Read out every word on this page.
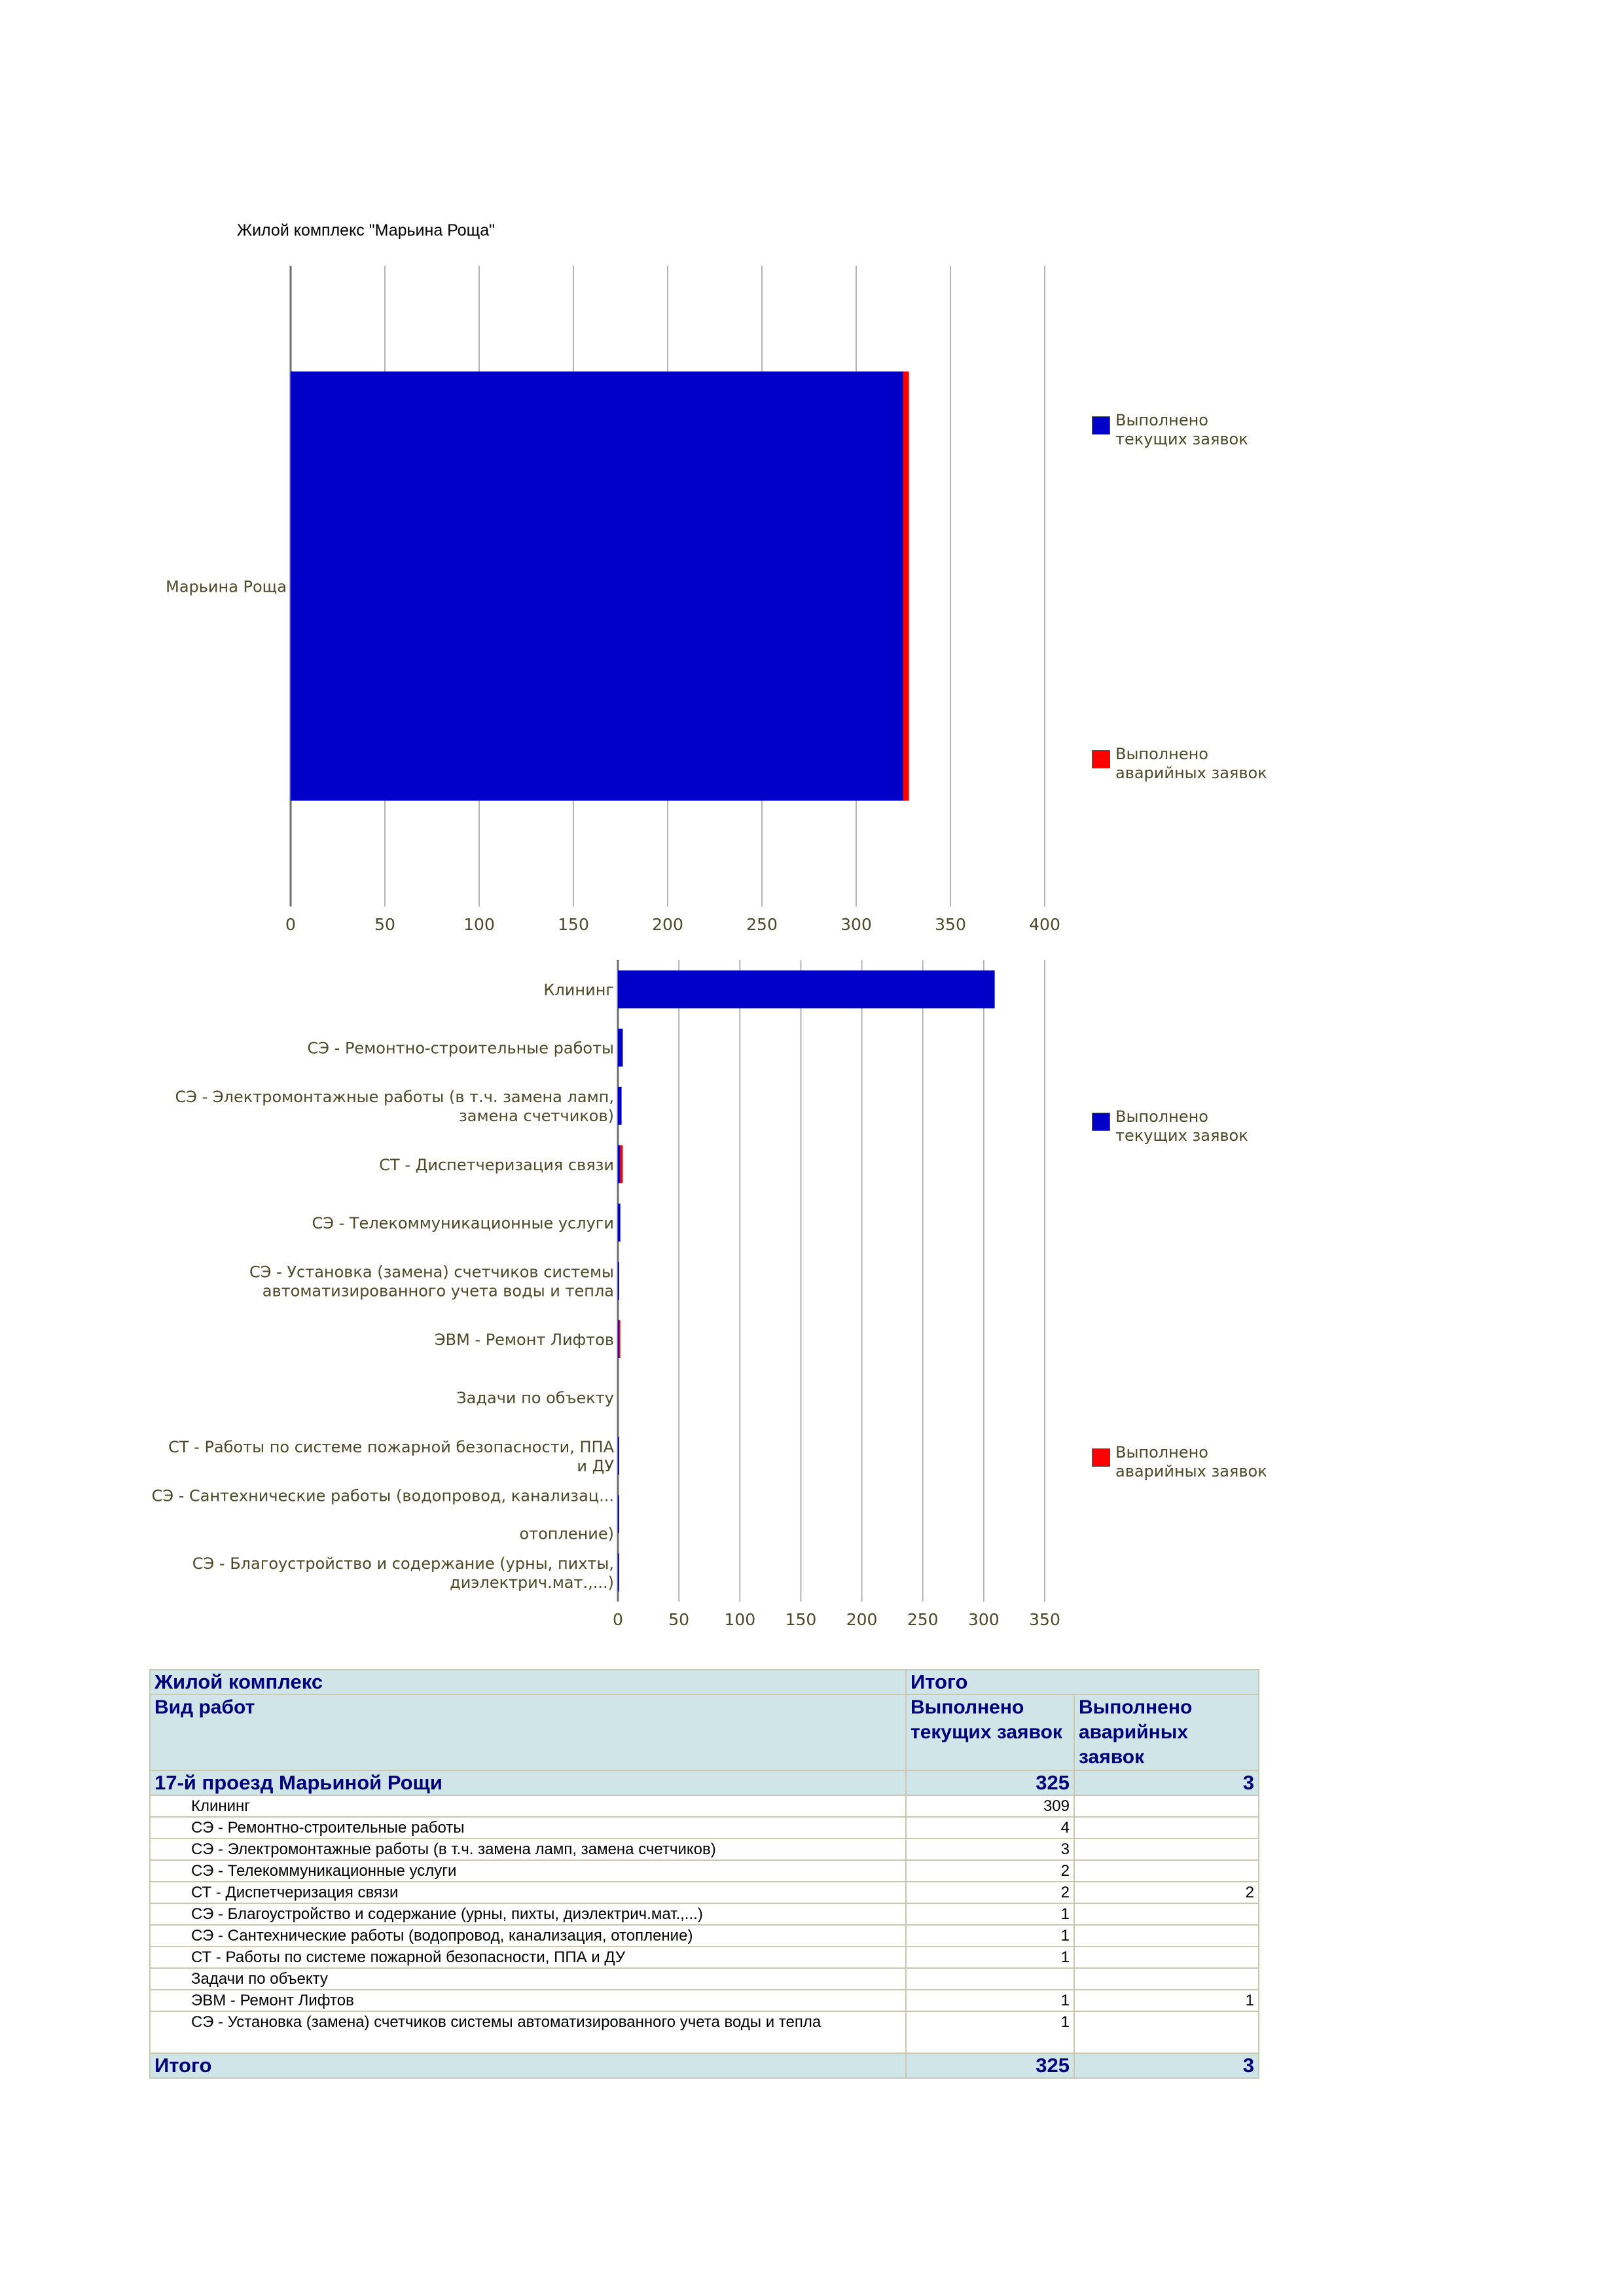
Жилой комплекс "Марьина Роща"
0	50	100	150	200	250	300	350	400
Марьина Роща
0	50 100 150 200 250 300 350
Клининг
СЭ - Ремонтно-строительные работы
СЭ - Электромонтажные работы (в т.ч. замена ламп, замена счетчиков)
СТ - Диспетчеризация связи
СЭ - Телекоммуникационные услуги
СЭ - Установка (замена) счетчиков системы автоматизированного учета воды и тепла
ЭВМ - Ремонт Лифтов
Задачи по объекту
СТ - Работы по системе пожарной безопасности, ППА и ДУ
СЭ - Сантехнические работы (водопровод, канализац... отопление)
СЭ - Благоустройство и содержание (урны, пихты, диэлектрич.мат.,...)
Выполнено
текущих заявок
Выполнено
аварийных заявок
Выполнено
текущих заявок
Выполнено
аварийных заявок
Жилой комплекс	Итого	
Вид работ	Выполнено текущих заявок	Выполнено аварийных заявок
17-й проезд Марьиной Рощи	325	3
Клининг	309	
СЭ - Ремонтно-строительные работы	4	
СЭ - Электромонтажные работы (в т.ч. замена ламп, замена счетчиков)	3	
СЭ - Телекоммуникационные услуги	2	
СТ - Диспетчеризация связи	2	2
СЭ - Благоустройство и содержание (урны, пихты, диэлектрич.мат.,...)	1	
СЭ - Сантехнические работы (водопровод, канализация, отопление)	1	
СТ - Работы по системе пожарной безопасности, ППА и ДУ	1	
Задачи по объекту		
ЭВМ - Ремонт Лифтов	1	1
СЭ - Установка (замена) счетчиков системы автоматизированного учета воды и тепла	1	
Итого	325	3
